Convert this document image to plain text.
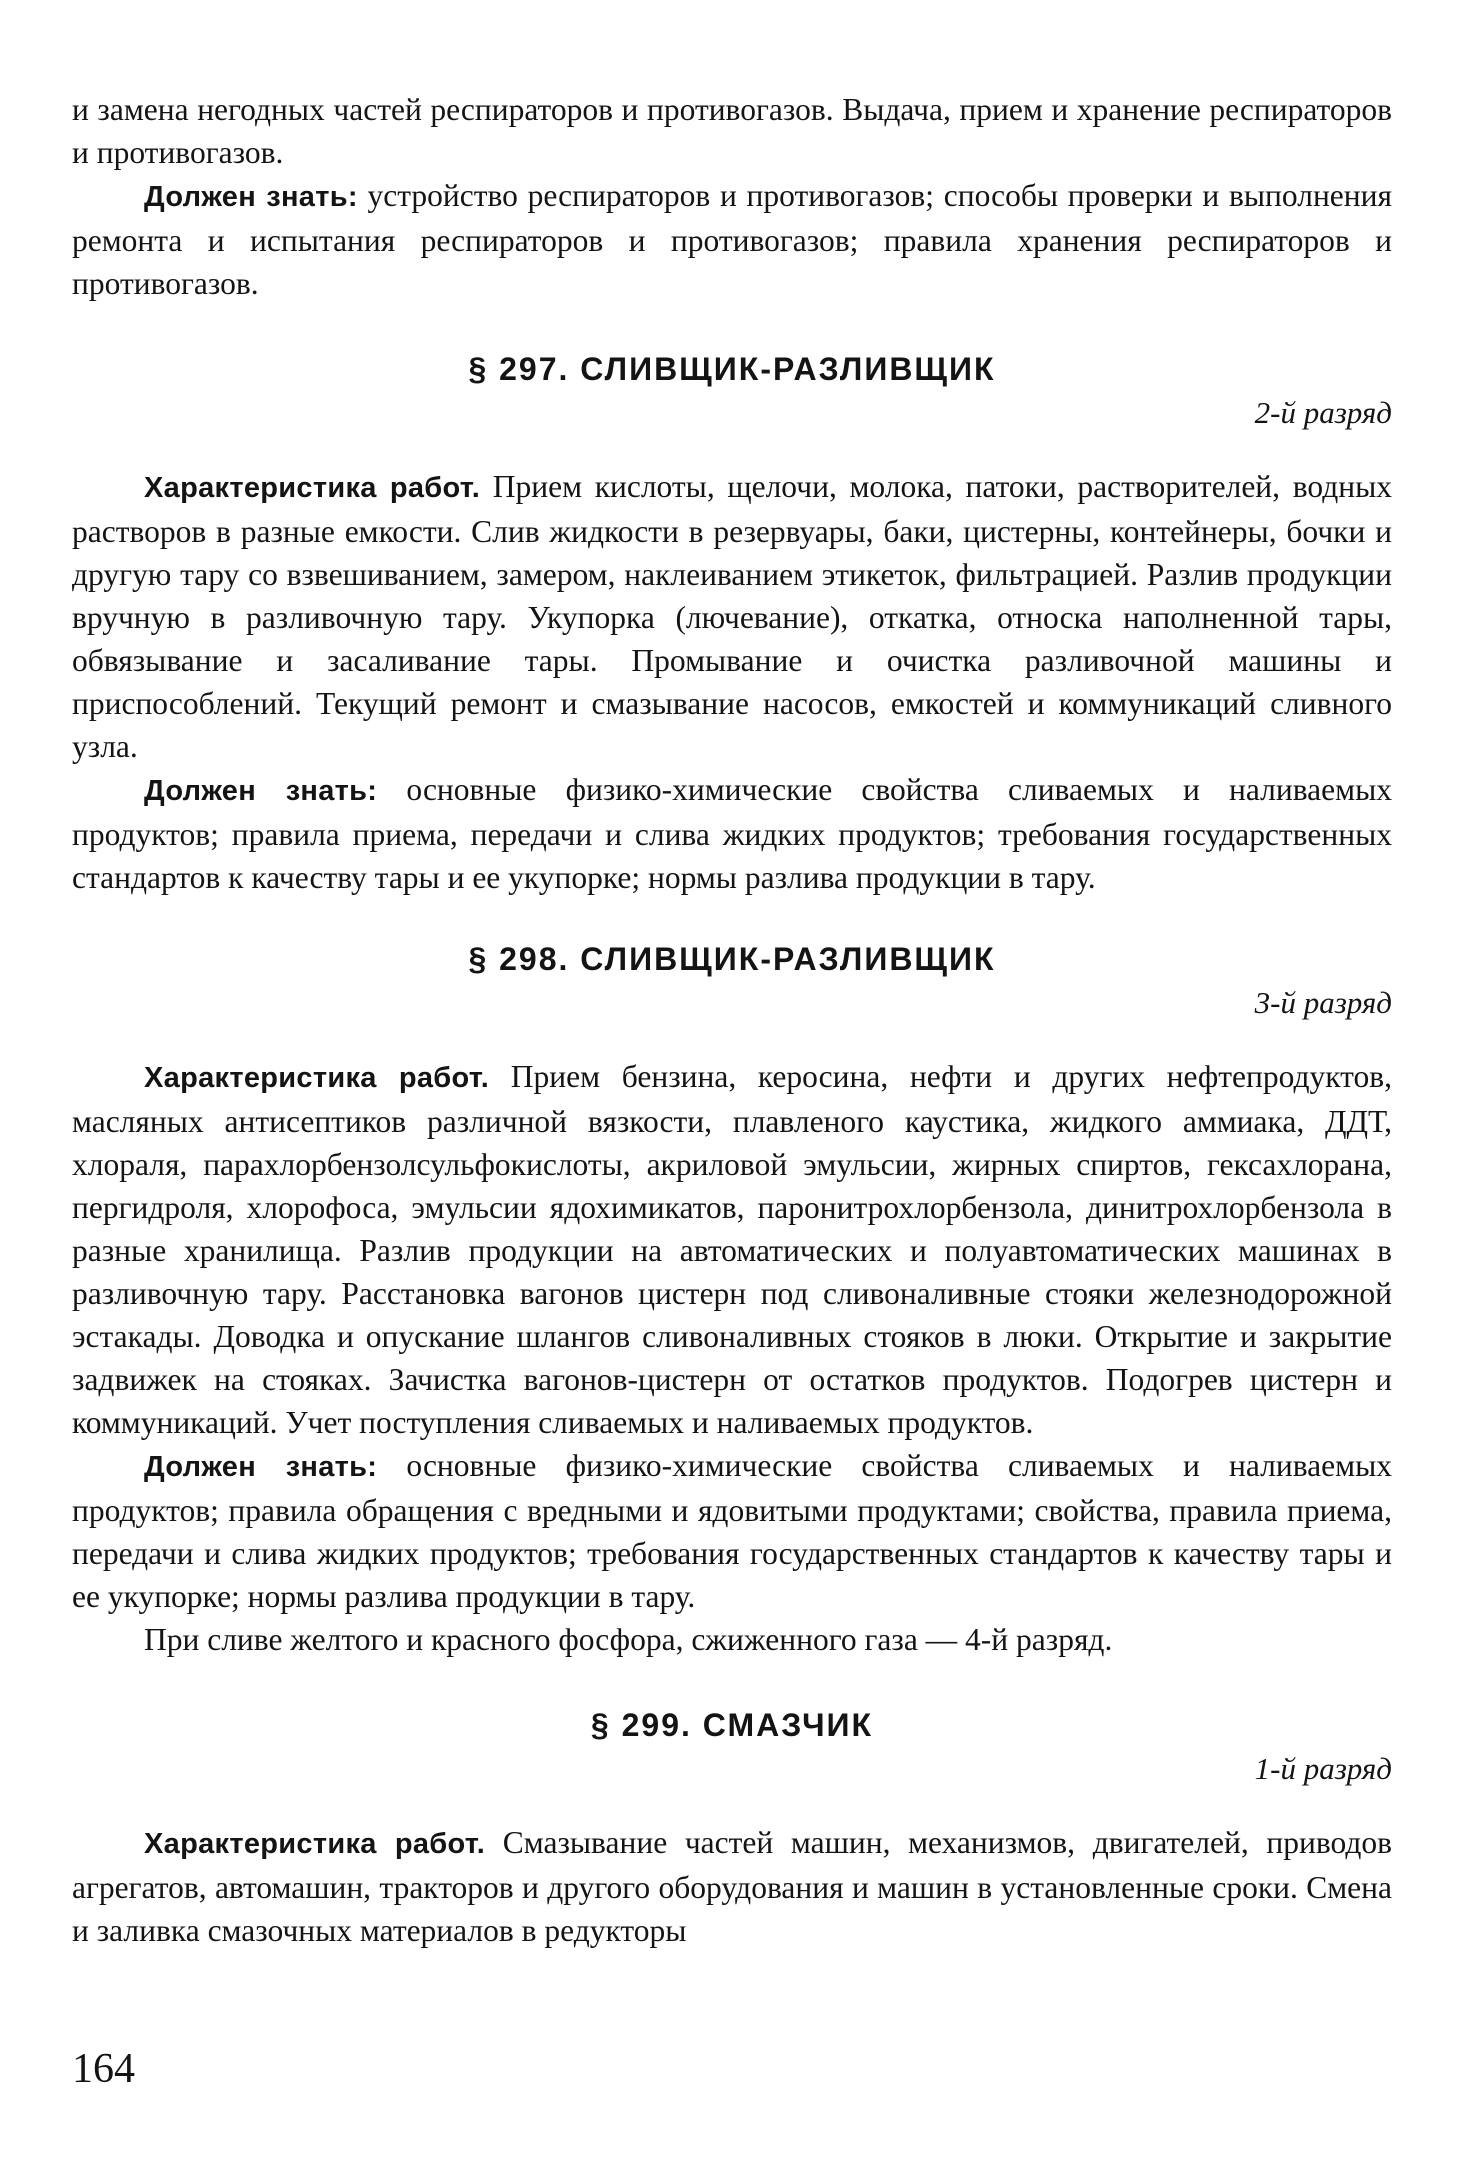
и замена негодных частей респираторов и противогазов. Выдача, прием и хранение респираторов и противогазов.

Должен знать: устройство респираторов и противогазов; способы проверки и выполнения ремонта и испытания респираторов и противогазов; правила хранения респираторов и противогазов.

§ 297. СЛИВЩИК-РАЗЛИВЩИК
2-й разряд

Характеристика работ. Прием кислоты, щелочи, молока, патоки, растворителей, водных растворов в разные емкости. Слив жидкости в резервуары, баки, цистерны, контейнеры, бочки и другую тару со взвешиванием, замером, наклеиванием этикеток, фильтрацией. Разлив продукции вручную в разливочную тару. Укупорка (лючевание), откатка, относка наполненной тары, обвязывание и засаливание тары. Промывание и очистка разливочной машины и приспособлений. Текущий ремонт и смазывание насосов, емкостей и коммуникаций сливного узла.

Должен знать: основные физико-химические свойства сливаемых и наливаемых продуктов; правила приема, передачи и слива жидких продуктов; требования государственных стандартов к качеству тары и ее укупорке; нормы разлива продукции в тару.

§ 298. СЛИВЩИК-РАЗЛИВЩИК
3-й разряд

Характеристика работ. Прием бензина, керосина, нефти и других нефтепродуктов, масляных антисептиков различной вязкости, плавленого каустика, жидкого аммиака, ДДТ, хлораля, парахлорбензолсульфокислоты, акриловой эмульсии, жирных спиртов, гексахлорана, пергидроля, хлорофоса, эмульсии ядохимикатов, паронитрохлорбензола, динитрохлорбензола в разные хранилища. Разлив продукции на автоматических и полуавтоматических машинах в разливочную тару. Расстановка вагонов цистерн под сливоналивные стояки железнодорожной эстакады. Доводка и опускание шлангов сливоналивных стояков в люки. Открытие и закрытие задвижек на стояках. Зачистка вагонов-цистерн от остатков продуктов. Подогрев цистерн и коммуникаций. Учет поступления сливаемых и наливаемых продуктов.

Должен знать: основные физико-химические свойства сливаемых и наливаемых продуктов; правила обращения с вредными и ядовитыми продуктами; свойства, правила приема, передачи и слива жидких продуктов; требования государственных стандартов к качеству тары и ее укупорке; нормы разлива продукции в тару.

При сливе желтого и красного фосфора, сжиженного газа — 4-й разряд.

§ 299. СМАЗЧИК
1-й разряд

Характеристика работ. Смазывание частей машин, механизмов, двигателей, приводов агрегатов, автомашин, тракторов и другого оборудования и машин в установленные сроки. Смена и заливка смазочных материалов в редукторы

164
